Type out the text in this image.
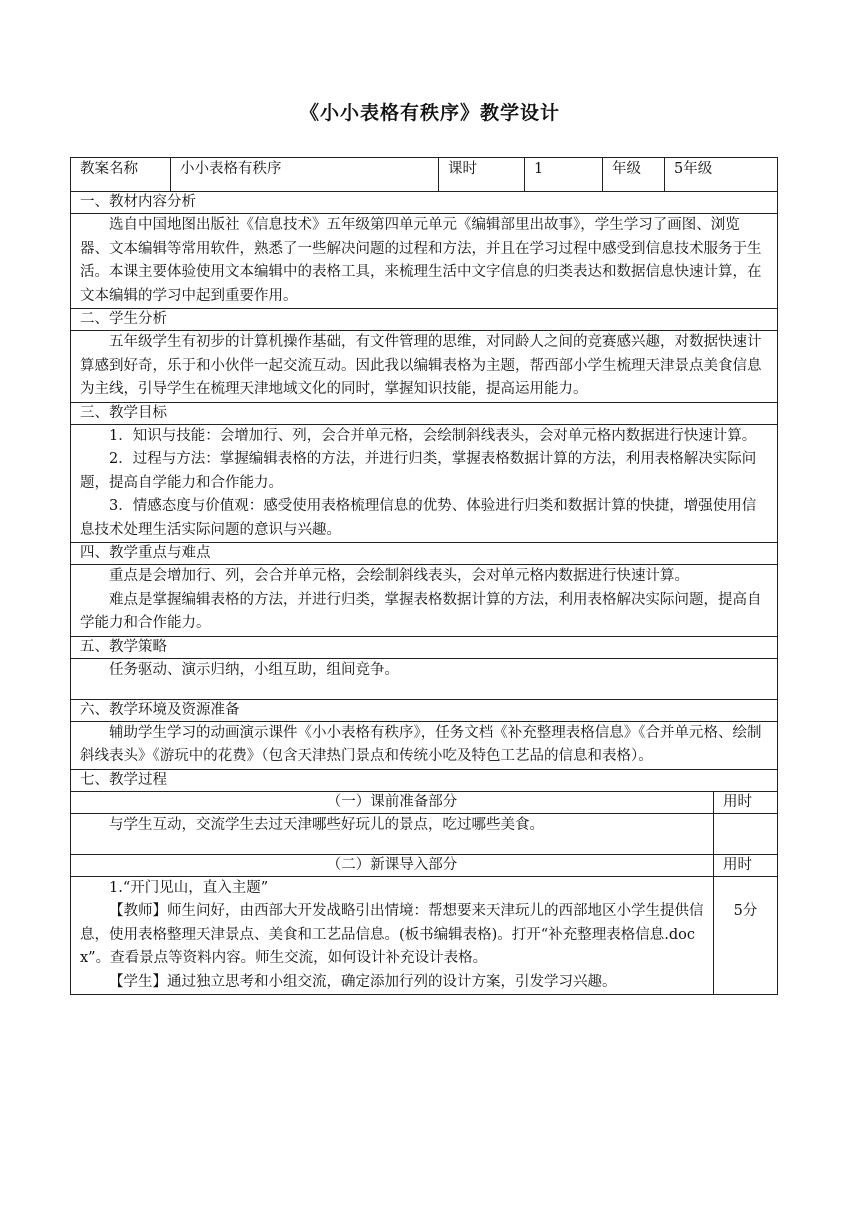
《小小表格有秩序》教学设计
教案名称	小小表格有秩序	课时	1	年级	5年级	
一、教材内容分析						

选自中国地图出版社《信息技术》五年级第四单元单元《编辑部里出故事》，学生学习了画图、浏览器、文本编辑等常用软件，熟悉了一些解决问题的过程和方法，并且在学习过程中感受到信息技术服务于生活。本课主要体验使用文本编辑中的表格工具，来梳理生活中文字信息的归类表达和数据信息快速计算，在文本编辑的学习中起到重要作用。						

二、学生分析						

五年级学生有初步的计算机操作基础，有文件管理的思维，对同龄人之间的竞赛感兴趣，对数据快速计算感到好奇，乐于和小伙伴一起交流互动。因此我以编辑表格为主题，帮西部小学生梳理天津景点美食信息为主线，引导学生在梳理天津地域文化的同时，掌握知识技能，提高运用能力。						

三、教学目标						

1．知识与技能：会增加行、列，会合并单元格，会绘制斜线表头，会对单元格内数据进行快速计算。

2．过程与方法：掌握编辑表格的方法，并进行归类，掌握表格数据计算的方法，利用表格解决实际问题，提高自学能力和合作能力。

3．情感态度与价值观：感受使用表格梳理信息的优势、体验进行归类和数据计算的快捷，增强使用信息技术处理生活实际问题的意识与兴趣。						

四、教学重点与难点						

重点是会增加行、列，会合并单元格，会绘制斜线表头，会对单元格内数据进行快速计算。

难点是掌握编辑表格的方法，并进行归类，掌握表格数据计算的方法，利用表格解决实际问题，提高自学能力和合作能力。						

五、教学策略						

任务驱动、演示归纳，小组互助，组间竞争。						

六、教学环境及资源准备						

辅助学生学习的动画演示课件《小小表格有秩序》，任务文档《补充整理表格信息》《合并单元格、绘制斜线表头》《游玩中的花费》（包含天津热门景点和传统小吃及特色工艺品的信息和表格）。						

七、教学过程						
（一）课前准备部分						用时

与学生互动，交流学生去过天津哪些好玩儿的景点，吃过哪些美食。						

（二）新课导入部分						用时

1.“开门见山，直入主题”

【教师】师生问好，由西部大开发战略引出情境：帮想要来天津玩儿的西部地区小学生提供信息，使用表格整理天津景点、美食和工艺品信息。(板书编辑表格)。打开“补充整理表格信息.docx”。查看景点等资料内容。师生交流，如何设计补充设计表格。

【学生】通过独立思考和小组交流，确定添加行列的设计方案，引发学习兴趣。						5分
